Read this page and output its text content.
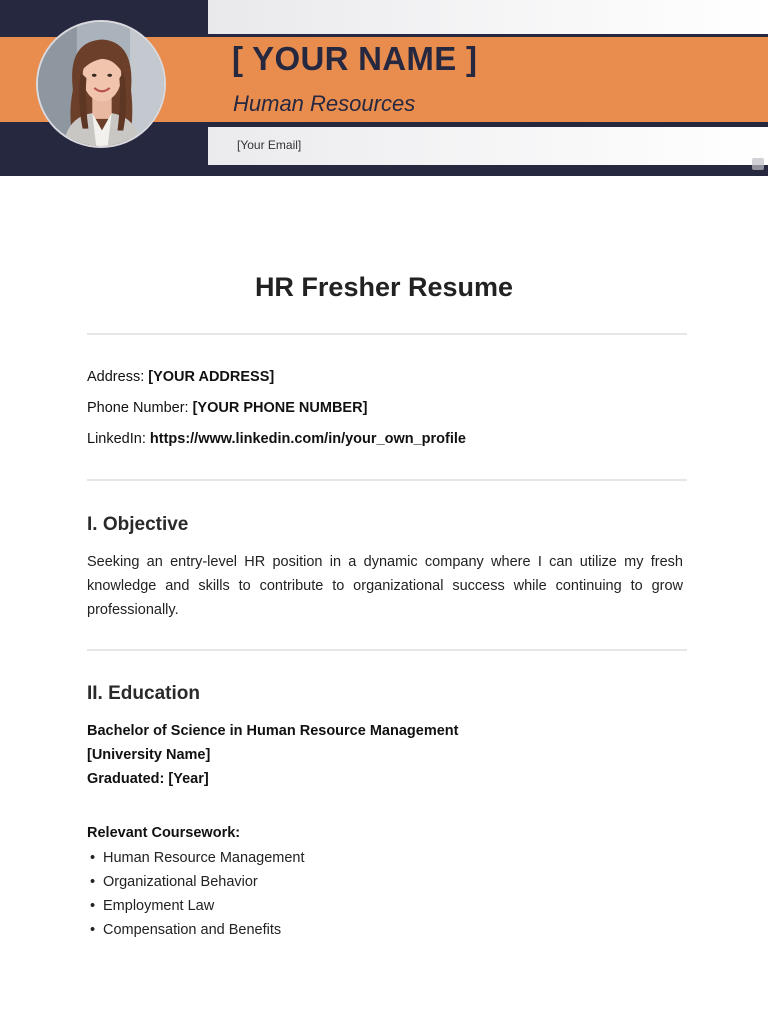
[ YOUR NAME ]
Human Resources
[Your Email]
HR Fresher Resume
Address: [YOUR ADDRESS]
Phone Number: [YOUR PHONE NUMBER]
LinkedIn: https://www.linkedin.com/in/your_own_profile
I. Objective
Seeking an entry-level HR position in a dynamic company where I can utilize my fresh knowledge and skills to contribute to organizational success while continuing to grow professionally.
II. Education
Bachelor of Science in Human Resource Management
[University Name]
Graduated: [Year]
Relevant Coursework:
• Human Resource Management
• Organizational Behavior
• Employment Law
• Compensation and Benefits
